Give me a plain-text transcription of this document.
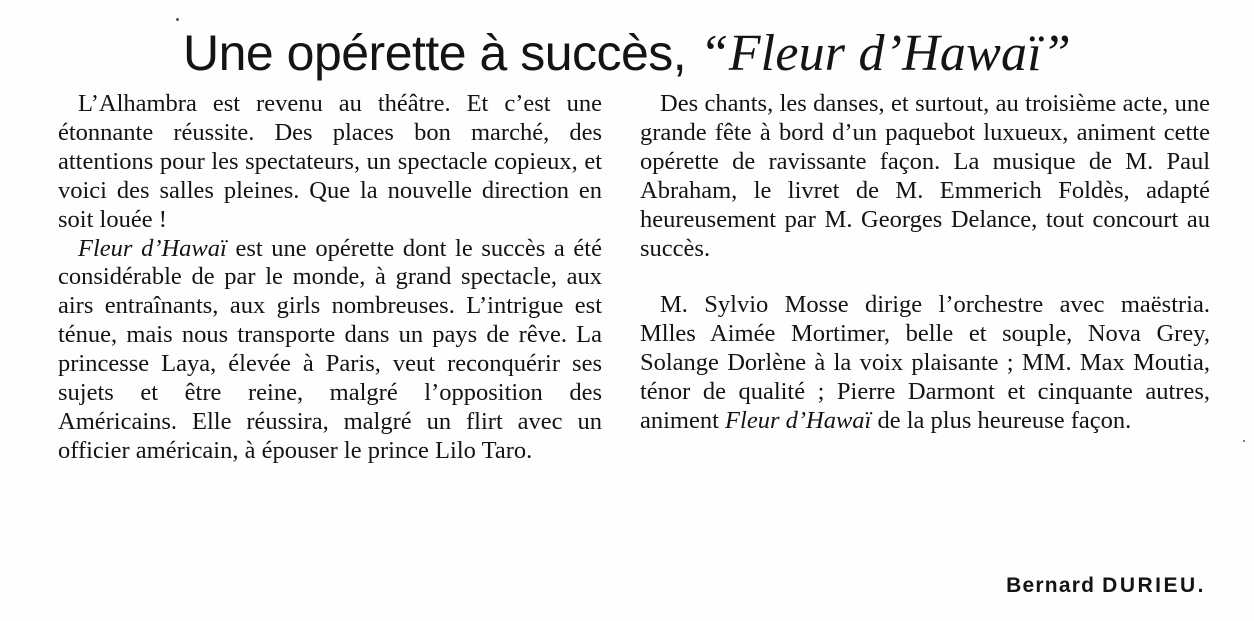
Une opérette à succès, “Fleur d’Hawaï”

L’Alhambra est revenu au théâtre. Et c’est une étonnante réussite. Des places bon marché, des attentions pour les spectateurs, un spectacle copieux, et voici des salles pleines. Que la nouvelle direction en soit louée !

Fleur d’Hawaï est une opérette dont le succès a été considérable de par le monde, à grand spectacle, aux airs entraînants, aux girls nombreuses. L’intrigue est ténue, mais nous transporte dans un pays de rêve. La princesse Laya, élevée à Paris, veut reconquérir ses sujets et être reine, malgré l’opposition des Américains. Elle réussira, malgré un flirt avec un officier américain, à épouser le prince Lilo Taro.

Des chants, les danses, et surtout, au troisième acte, une grande fête à bord d’un paquebot luxueux, animent cette opérette de ravissante façon. La musique de M. Paul Abraham, le livret de M. Emmerich Foldès, adapté heureusement par M. Georges Delance, tout concourt au succès.

M. Sylvio Mosse dirige l’orchestre avec maëstria. Mlles Aimée Mortimer, belle et souple, Nova Grey, Solange Dorlène à la voix plaisante ; MM. Max Moutia, ténor de qualité ; Pierre Darmont et cinquante autres, animent Fleur d’Hawaï de la plus heureuse façon.

Bernard DURIEU.
